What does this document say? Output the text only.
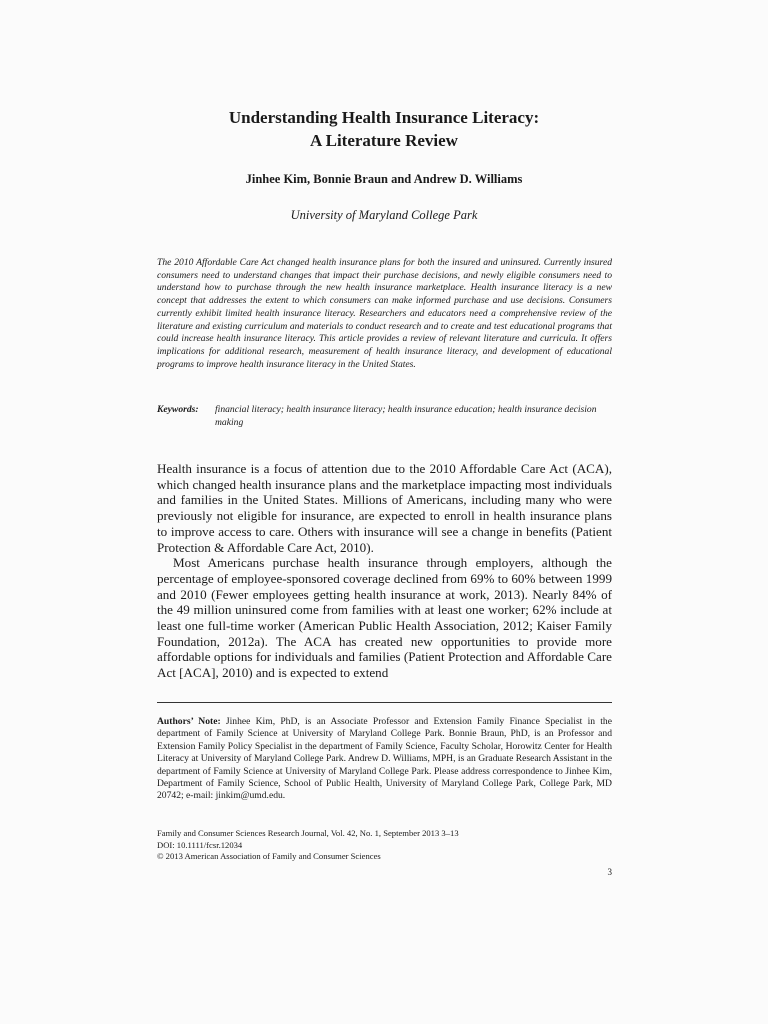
Understanding Health Insurance Literacy:
A Literature Review
Jinhee Kim, Bonnie Braun and Andrew D. Williams
University of Maryland College Park

The 2010 Affordable Care Act changed health insurance plans for both the insured and uninsured. Currently insured consumers need to understand changes that impact their purchase decisions, and newly eligible consumers need to understand how to purchase through the new health insurance marketplace. Health insurance literacy is a new concept that addresses the extent to which consumers can make informed purchase and use decisions. Consumers currently exhibit limited health insurance literacy. Researchers and educators need a comprehensive review of the literature and existing curriculum and materials to conduct research and to create and test educational programs that could increase health insurance literacy. This article provides a review of relevant literature and curricula. It offers implications for additional research, measurement of health insurance literacy, and development of educational programs to improve health insurance literacy in the United States.

Keywords:	financial literacy; health insurance literacy; health insurance education; health insurance decision making

Health insurance is a focus of attention due to the 2010 Affordable Care Act (ACA), which changed health insurance plans and the marketplace impacting most individuals and families in the United States. Millions of Americans, including many who were previously not eligible for insurance, are expected to enroll in health insurance plans to improve access to care. Others with insurance will see a change in benefits (Patient Protection & Affordable Care Act, 2010).

Most Americans purchase health insurance through employers, although the percentage of employee-sponsored coverage declined from 69% to 60% between 1999 and 2010 (Fewer employees getting health insurance at work, 2013). Nearly 84% of the 49 million uninsured come from families with at least one worker; 62% include at least one full-time worker (American Public Health Association, 2012; Kaiser Family Foundation, 2012a). The ACA has created new opportunities to provide more affordable options for individuals and families (Patient Protection and Affordable Care Act [ACA], 2010) and is expected to extend

Authors’ Note: Jinhee Kim, PhD, is an Associate Professor and Extension Family Finance Specialist in the department of Family Science at University of Maryland College Park. Bonnie Braun, PhD, is an Professor and Extension Family Policy Specialist in the department of Family Science, Faculty Scholar, Horowitz Center for Health Literacy at University of Maryland College Park. Andrew D. Williams, MPH, is an Graduate Research Assistant in the department of Family Science at University of Maryland College Park. Please address correspondence to Jinhee Kim, Department of Family Science, School of Public Health, University of Maryland College Park, College Park, MD 20742; e-mail: jinkim@umd.edu.

Family and Consumer Sciences Research Journal, Vol. 42, No. 1, September 2013 3–13
DOI: 10.1111/fcsr.12034
© 2013 American Association of Family and Consumer Sciences
3
